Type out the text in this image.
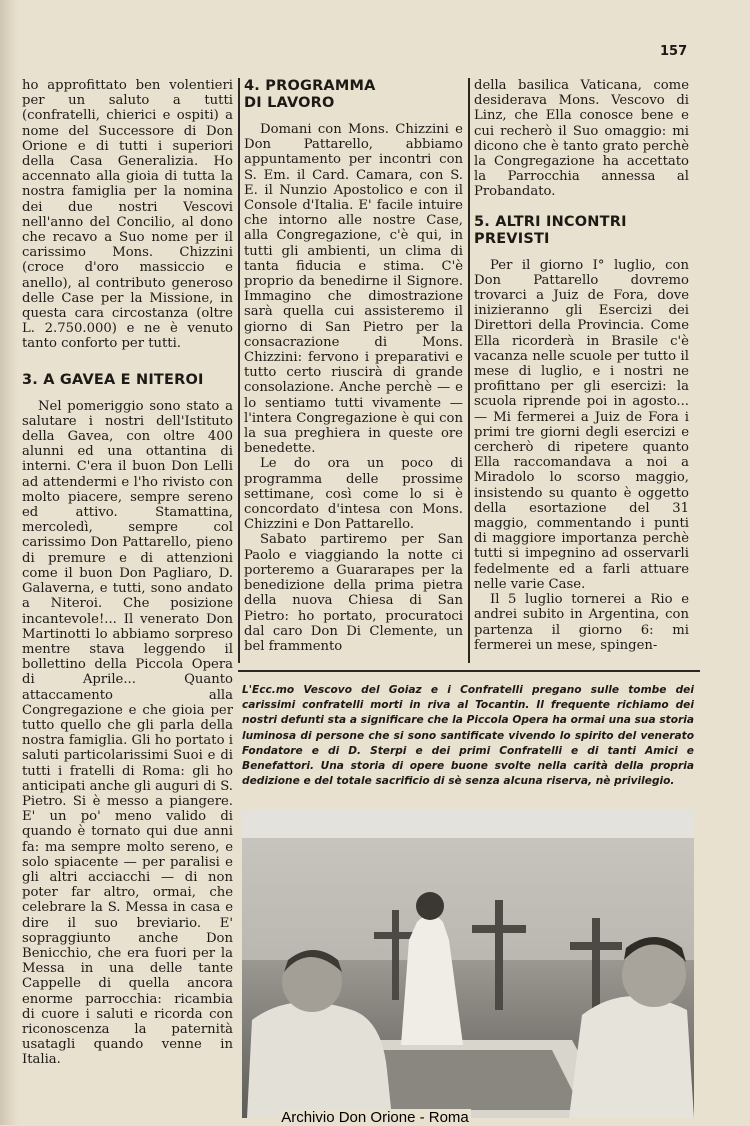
157

ho approfittato ben volentieri per un saluto a tutti (confratelli, chierici e ospiti) a nome del Successore di Don Orione e di tutti i superiori della Casa Generalizia. Ho accennato alla gioia di tutta la nostra famiglia per la nomina dei due nostri Vescovi nell'anno del Concilio, al dono che recavo a Suo nome per il carissimo Mons. Chizzini (croce d'oro massiccio e anello), al contributo generoso delle Case per la Missione, in questa cara circostanza (oltre L. 2.750.000) e ne è venuto tanto conforto per tutti.

3. A GAVEA E NITEROI

Nel pomeriggio sono stato a salutare i nostri dell'Istituto della Gavea, con oltre 400 alunni ed una ottantina di interni. C'era il buon Don Lelli ad attendermi e l'ho rivisto con molto piacere, sempre sereno ed attivo. Stamattina, mercoledì, sempre col carissimo Don Pattarello, pieno di premure e di attenzioni come il buon Don Pagliaro, D. Galaverna, e tutti, sono andato a Niteroi. Che posizione incantevole!... Il venerato Don Martinotti lo abbiamo sorpreso mentre stava leggendo il bollettino della Piccola Opera di Aprile... Quanto attaccamento alla Congregazione e che gioia per tutto quello che gli parla della nostra famiglia. Gli ho portato i saluti particolarissimi Suoi e di tutti i fratelli di Roma: gli ho anticipati anche gli auguri di S. Pietro. Si è messo a piangere. E' un po' meno valido di quando è tornato qui due anni fa: ma sempre molto sereno, e solo spiacente — per paralisi e gli altri acciacchi — di non poter far altro, ormai, che celebrare la S. Messa in casa e dire il suo breviario. E' sopraggiunto anche Don Benicchio, che era fuori per la Messa in una delle tante Cappelle di quella ancora enorme parrocchia: ricambia di cuore i saluti e ricorda con riconoscenza la paternità usatagli quando venne in Italia.

4. PROGRAMMA
DI LAVORO

Domani con Mons. Chizzini e Don Pattarello, abbiamo appuntamento per incontri con S. Em. il Card. Camara, con S. E. il Nunzio Apostolico e con il Console d'Italia. E' facile intuire che intorno alle nostre Case, alla Congregazione, c'è qui, in tutti gli ambienti, un clima di tanta fiducia e stima. C'è proprio da benedirne il Signore. Immagino che dimostrazione sarà quella cui assisteremo il giorno di San Pietro per la consacrazione di Mons. Chizzini: fervono i preparativi e tutto certo riuscirà di grande consolazione. Anche perchè — e lo sentiamo tutti vivamente — l'intera Congregazione è qui con la sua preghiera in queste ore benedette.

Le do ora un poco di programma delle prossime settimane, così come lo si è concordato d'intesa con Mons. Chizzini e Don Pattarello.

Sabato partiremo per San Paolo e viaggiando la notte ci porteremo a Guararapes per la benedizione della prima pietra della nuova Chiesa di San Pietro: ho portato, procuratoci dal caro Don Di Clemente, un bel frammento

della basilica Vaticana, come desiderava Mons. Vescovo di Linz, che Ella conosce bene e cui recherò il Suo omaggio: mi dicono che è tanto grato perchè la Congregazione ha accettato la Parrocchia annessa al Probandato.

5. ALTRI INCONTRI
PREVISTI

Per il giorno I° luglio, con Don Pattarello dovremo trovarci a Juiz de Fora, dove inizieranno gli Esercizi dei Direttori della Provincia. Come Ella ricorderà in Brasile c'è vacanza nelle scuole per tutto il mese di luglio, e i nostri ne profittano per gli esercizi: la scuola riprende poi in agosto... — Mi fermerei a Juiz de Fora i primi tre giorni degli esercizi e cercherò di ripetere quanto Ella raccomandava a noi a Miradolo lo scorso maggio, insistendo su quanto è oggetto della esortazione del 31 maggio, commentando i punti di maggiore importanza perchè tutti si impegnino ad osservarli fedelmente ed a farli attuare nelle varie Case.

Il 5 luglio tornerei a Rio e andrei subito in Argentina, con partenza il giorno 6: mi fermerei un mese, spingen-

L'Ecc.mo Vescovo del Goiaz e i Confratelli pregano sulle tombe dei carissimi confratelli morti in riva al Tocantin. Il frequente richiamo dei nostri defunti sta a significare che la Piccola Opera ha ormai una sua storia luminosa di persone che si sono santificate vivendo lo spirito del venerato Fondatore e di D. Sterpi e dei primi Confratelli e di tanti Amici e Benefattori. Una storia di opere buone svolte nella carità della propria dedizione e del totale sacrificio di sè senza alcuna riserva, nè privilegio.
Archivio Don Orione - Roma
